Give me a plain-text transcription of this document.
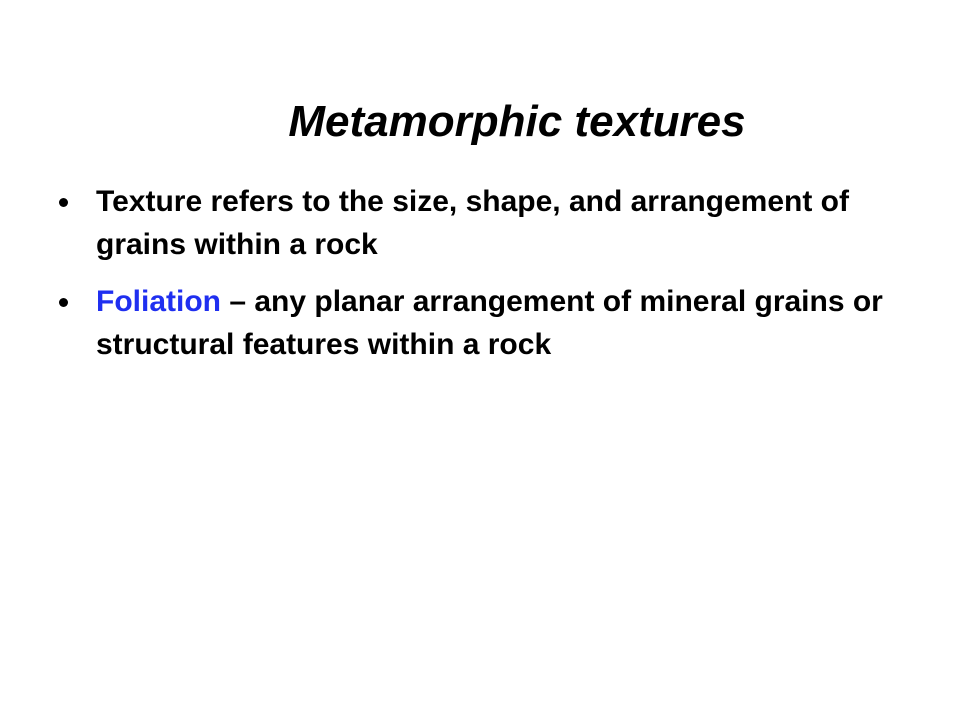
Metamorphic textures
Texture refers to the size, shape, and arrangement of grains within a rock
Foliation – any planar arrangement of mineral grains or structural features within a rock
